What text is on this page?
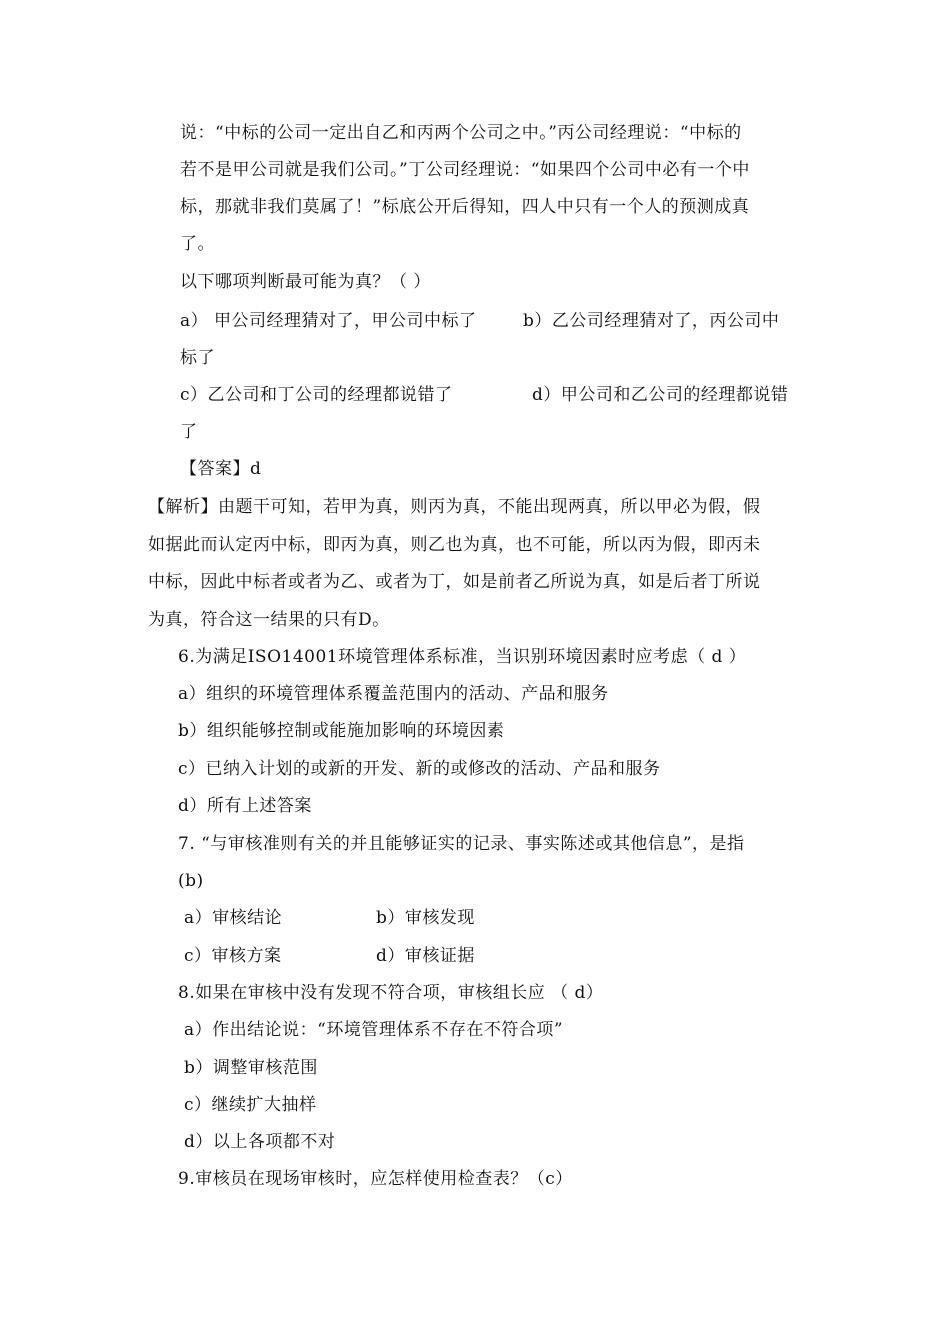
说：“中标的公司一定出自乙和丙两个公司之中。”丙公司经理说：“中标的
若不是甲公司就是我们公司。”丁公司经理说：“如果四个公司中必有一个中
标，那就非我们莫属了！”标底公开后得知，四人中只有一个人的预测成真
了。
以下哪项判断最可能为真？（ ）
a） 甲公司经理猜对了，甲公司中标了	b）乙公司经理猜对了，丙公司中
标了
c）乙公司和丁公司的经理都说错了	d）甲公司和乙公司的经理都说错
了
【答案】d
【解析】由题干可知，若甲为真，则丙为真，不能出现两真，所以甲必为假，假
如据此而认定丙中标，即丙为真，则乙也为真，也不可能，所以丙为假，即丙未
中标，因此中标者或者为乙、或者为丁，如是前者乙所说为真，如是后者丁所说
为真，符合这一结果的只有D。
6.为满足ISO14001环境管理体系标准，当识别环境因素时应考虑（ d ）
a）组织的环境管理体系覆盖范围内的活动、产品和服务
b）组织能够控制或能施加影响的环境因素
c）已纳入计划的或新的开发、新的或修改的活动、产品和服务
d）所有上述答案
7. “与审核准则有关的并且能够证实的记录、事实陈述或其他信息”，是指
(b)
a）审核结论	b）审核发现
c）审核方案	d）审核证据
8.如果在审核中没有发现不符合项，审核组长应 （ d）
a）作出结论说：“环境管理体系不存在不符合项”
b）调整审核范围
c）继续扩大抽样
d）以上各项都不对
9.审核员在现场审核时，应怎样使用检查表？（c）
